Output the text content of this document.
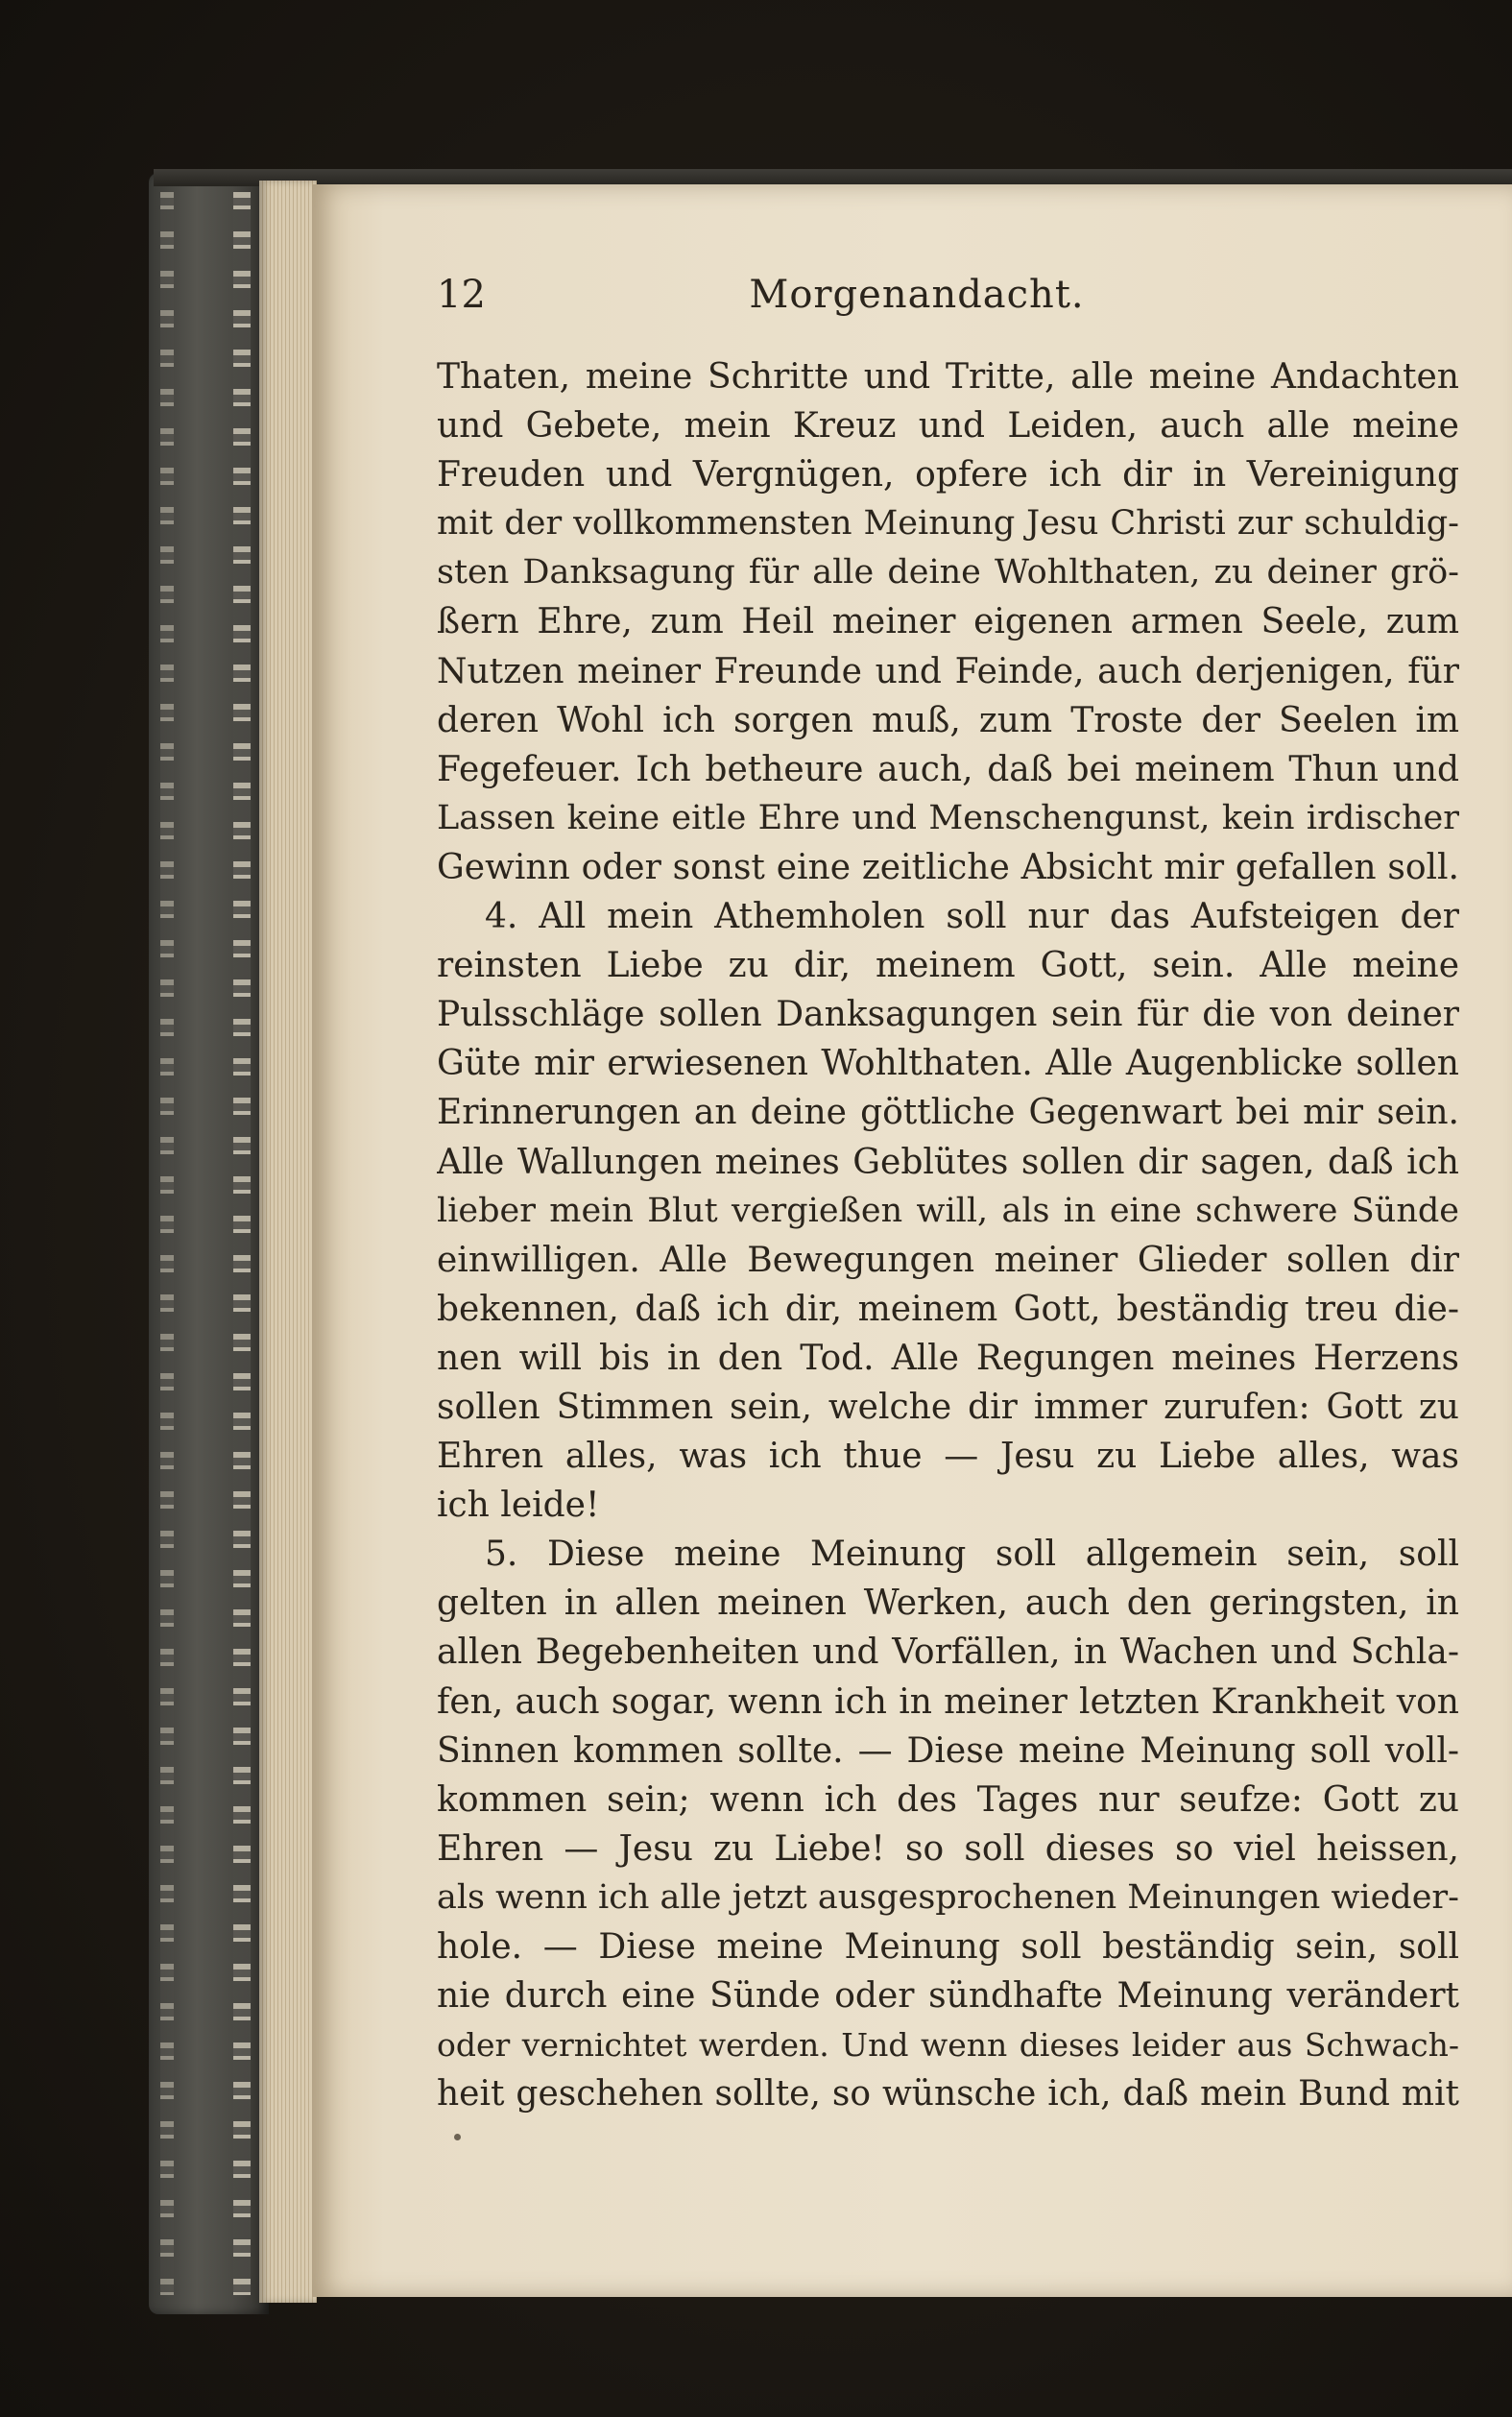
12	Morgenandacht.
Thaten, meine Schritte und Tritte, alle meine Andachten
und Gebete, mein Kreuz und Leiden, auch alle meine
Freuden und Vergnügen, opfere ich dir in Vereinigung
mit der vollkommensten Meinung Jesu Christi zur schuldig-
sten Danksagung für alle deine Wohlthaten, zu deiner grö-
ßern Ehre, zum Heil meiner eigenen armen Seele, zum
Nutzen meiner Freunde und Feinde, auch derjenigen, für
deren Wohl ich sorgen muß, zum Troste der Seelen im
Fegefeuer. Ich betheure auch, daß bei meinem Thun und
Lassen keine eitle Ehre und Menschengunst, kein irdischer
Gewinn oder sonst eine zeitliche Absicht mir gefallen soll.
4. All mein Athemholen soll nur das Aufsteigen der
reinsten Liebe zu dir, meinem Gott, sein. Alle meine
Pulsschläge sollen Danksagungen sein für die von deiner
Güte mir erwiesenen Wohlthaten. Alle Augenblicke sollen
Erinnerungen an deine göttliche Gegenwart bei mir sein.
Alle Wallungen meines Geblütes sollen dir sagen, daß ich
lieber mein Blut vergießen will, als in eine schwere Sünde
einwilligen. Alle Bewegungen meiner Glieder sollen dir
bekennen, daß ich dir, meinem Gott, beständig treu die-
nen will bis in den Tod. Alle Regungen meines Herzens
sollen Stimmen sein, welche dir immer zurufen: Gott zu
Ehren alles, was ich thue — Jesu zu Liebe alles, was
ich leide!
5. Diese meine Meinung soll allgemein sein, soll
gelten in allen meinen Werken, auch den geringsten, in
allen Begebenheiten und Vorfällen, in Wachen und Schla-
fen, auch sogar, wenn ich in meiner letzten Krankheit von
Sinnen kommen sollte. — Diese meine Meinung soll voll-
kommen sein; wenn ich des Tages nur seufze: Gott zu
Ehren — Jesu zu Liebe! so soll dieses so viel heissen,
als wenn ich alle jetzt ausgesprochenen Meinungen wieder-
hole. — Diese meine Meinung soll beständig sein, soll
nie durch eine Sünde oder sündhafte Meinung verändert
oder vernichtet werden. Und wenn dieses leider aus Schwach-
heit geschehen sollte, so wünsche ich, daß mein Bund mit
